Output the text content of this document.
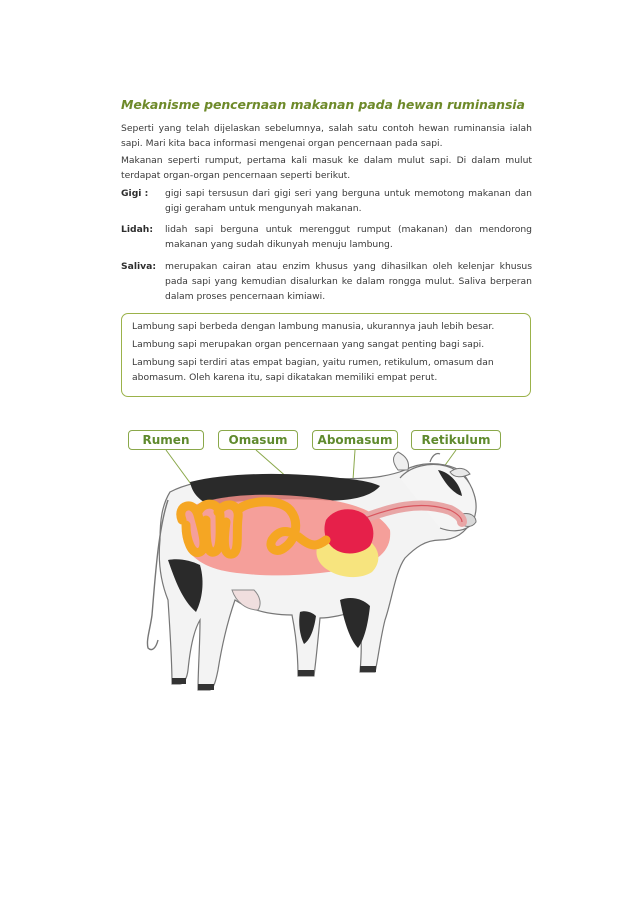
Mekanisme pencernaan makanan pada hewan ruminansia
Seperti yang telah dijelaskan sebelumnya, salah satu contoh hewan ruminansia ialah sapi. Mari kita baca informasi mengenai organ pencernaan pada sapi.
Makanan seperti rumput, pertama kali masuk ke dalam mulut sapi. Di dalam mulut terdapat organ-organ pencernaan seperti berikut.
Gigi : gigi sapi tersusun dari gigi seri yang berguna untuk memotong makanan dan gigi geraham untuk mengunyah makanan.
Lidah: lidah sapi berguna untuk merenggut rumput (makanan) dan mendorong makanan yang sudah dikunyah menuju lambung.
Saliva: merupakan cairan atau enzim khusus yang dihasilkan oleh kelenjar khusus pada sapi yang kemudian disalurkan ke dalam rongga mulut. Saliva berperan dalam proses pencernaan kimiawi.
Lambung sapi berbeda dengan lambung manusia, ukurannya jauh lebih besar.
Lambung sapi merupakan organ pencernaan yang sangat penting bagi sapi.
Lambung sapi terdiri atas empat bagian, yaitu rumen, retikulum, omasum dan abomasum. Oleh karena itu, sapi dikatakan memiliki empat perut.
Rumen	Omasum	Abomasum	Retikulum
